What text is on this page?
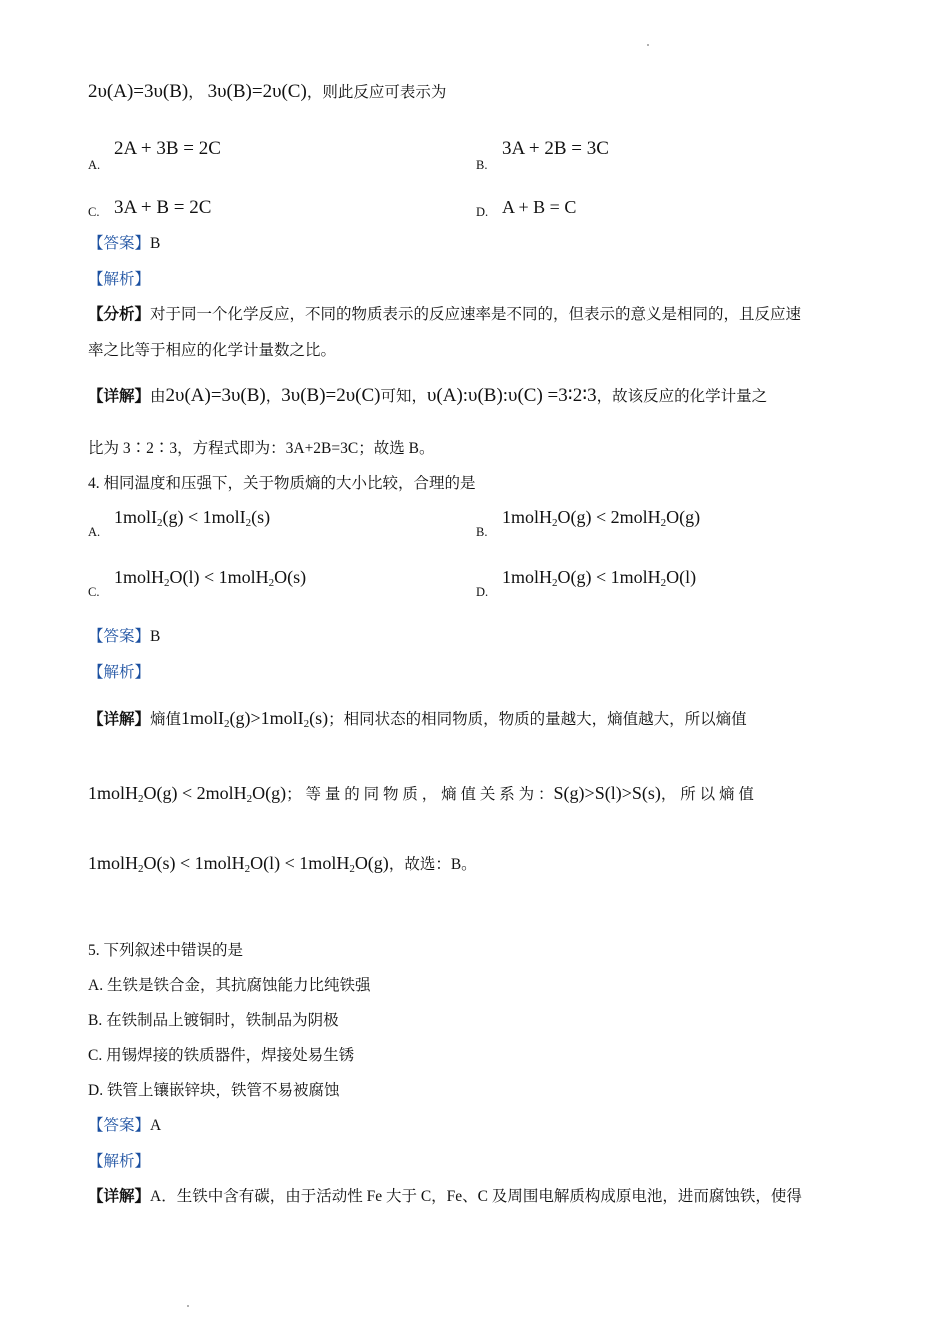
2υ(A)=3υ(B)， 3υ(B)=2υ(C)，则此反应可表示为
A.
2A + 3B = 2C
B.
3A + 2B = 3C
C. 3A + B = 2C	D. A + B = C
【答案】B
【解析】
【分析】对于同一个化学反应，不同的物质表示的反应速率是不同的，但表示的意义是相同的，且反应速
率之比等于相应的化学计量数之比。
【详解】由2υ(A)=3υ(B)，3υ(B)=2υ(C)可知，υ(A):υ(B):υ(C) =3∶2∶3，故该反应的化学计量之
比为 3∶2∶3，方程式即为：3A+2B=3C；故选 B。
4. 相同温度和压强下，关于物质熵的大小比较，合理的是
A.
1molI$_2$(g) < 1molI$_2$(s)
B.
1molH$_2$O(g) < 2molH$_2$O(g)
C.
1molH$_2$O(l) < 1molH$_2$O(s)
D.
1molH$_2$O(g) < 1molH$_2$O(l)
【答案】B
【解析】
【详解】熵值1molI$_2$(g)>1molI$_2$(s)；相同状态的相同物质，物质的量越大，熵值越大，所以熵值
1molH$_2$O(g) < 2molH$_2$O(g)； 等 量 的 同 物 质 ， 熵 值 关 系 为 ：S(g)>S(l)>S(s)， 所 以 熵 值
1molH$_2$O(s) < 1molH$_2$O(l) < 1molH$_2$O(g)，故选：B。
5. 下列叙述中错误的是
A. 生铁是铁合金，其抗腐蚀能力比纯铁强
B. 在铁制品上镀铜时，铁制品为阴极
C. 用锡焊接的铁质器件，焊接处易生锈
D. 铁管上镶嵌锌块，铁管不易被腐蚀
【答案】A
【解析】
【详解】A．生铁中含有碳，由于活动性 Fe 大于 C，Fe、C 及周围电解质构成原电池，进而腐蚀铁，使得
